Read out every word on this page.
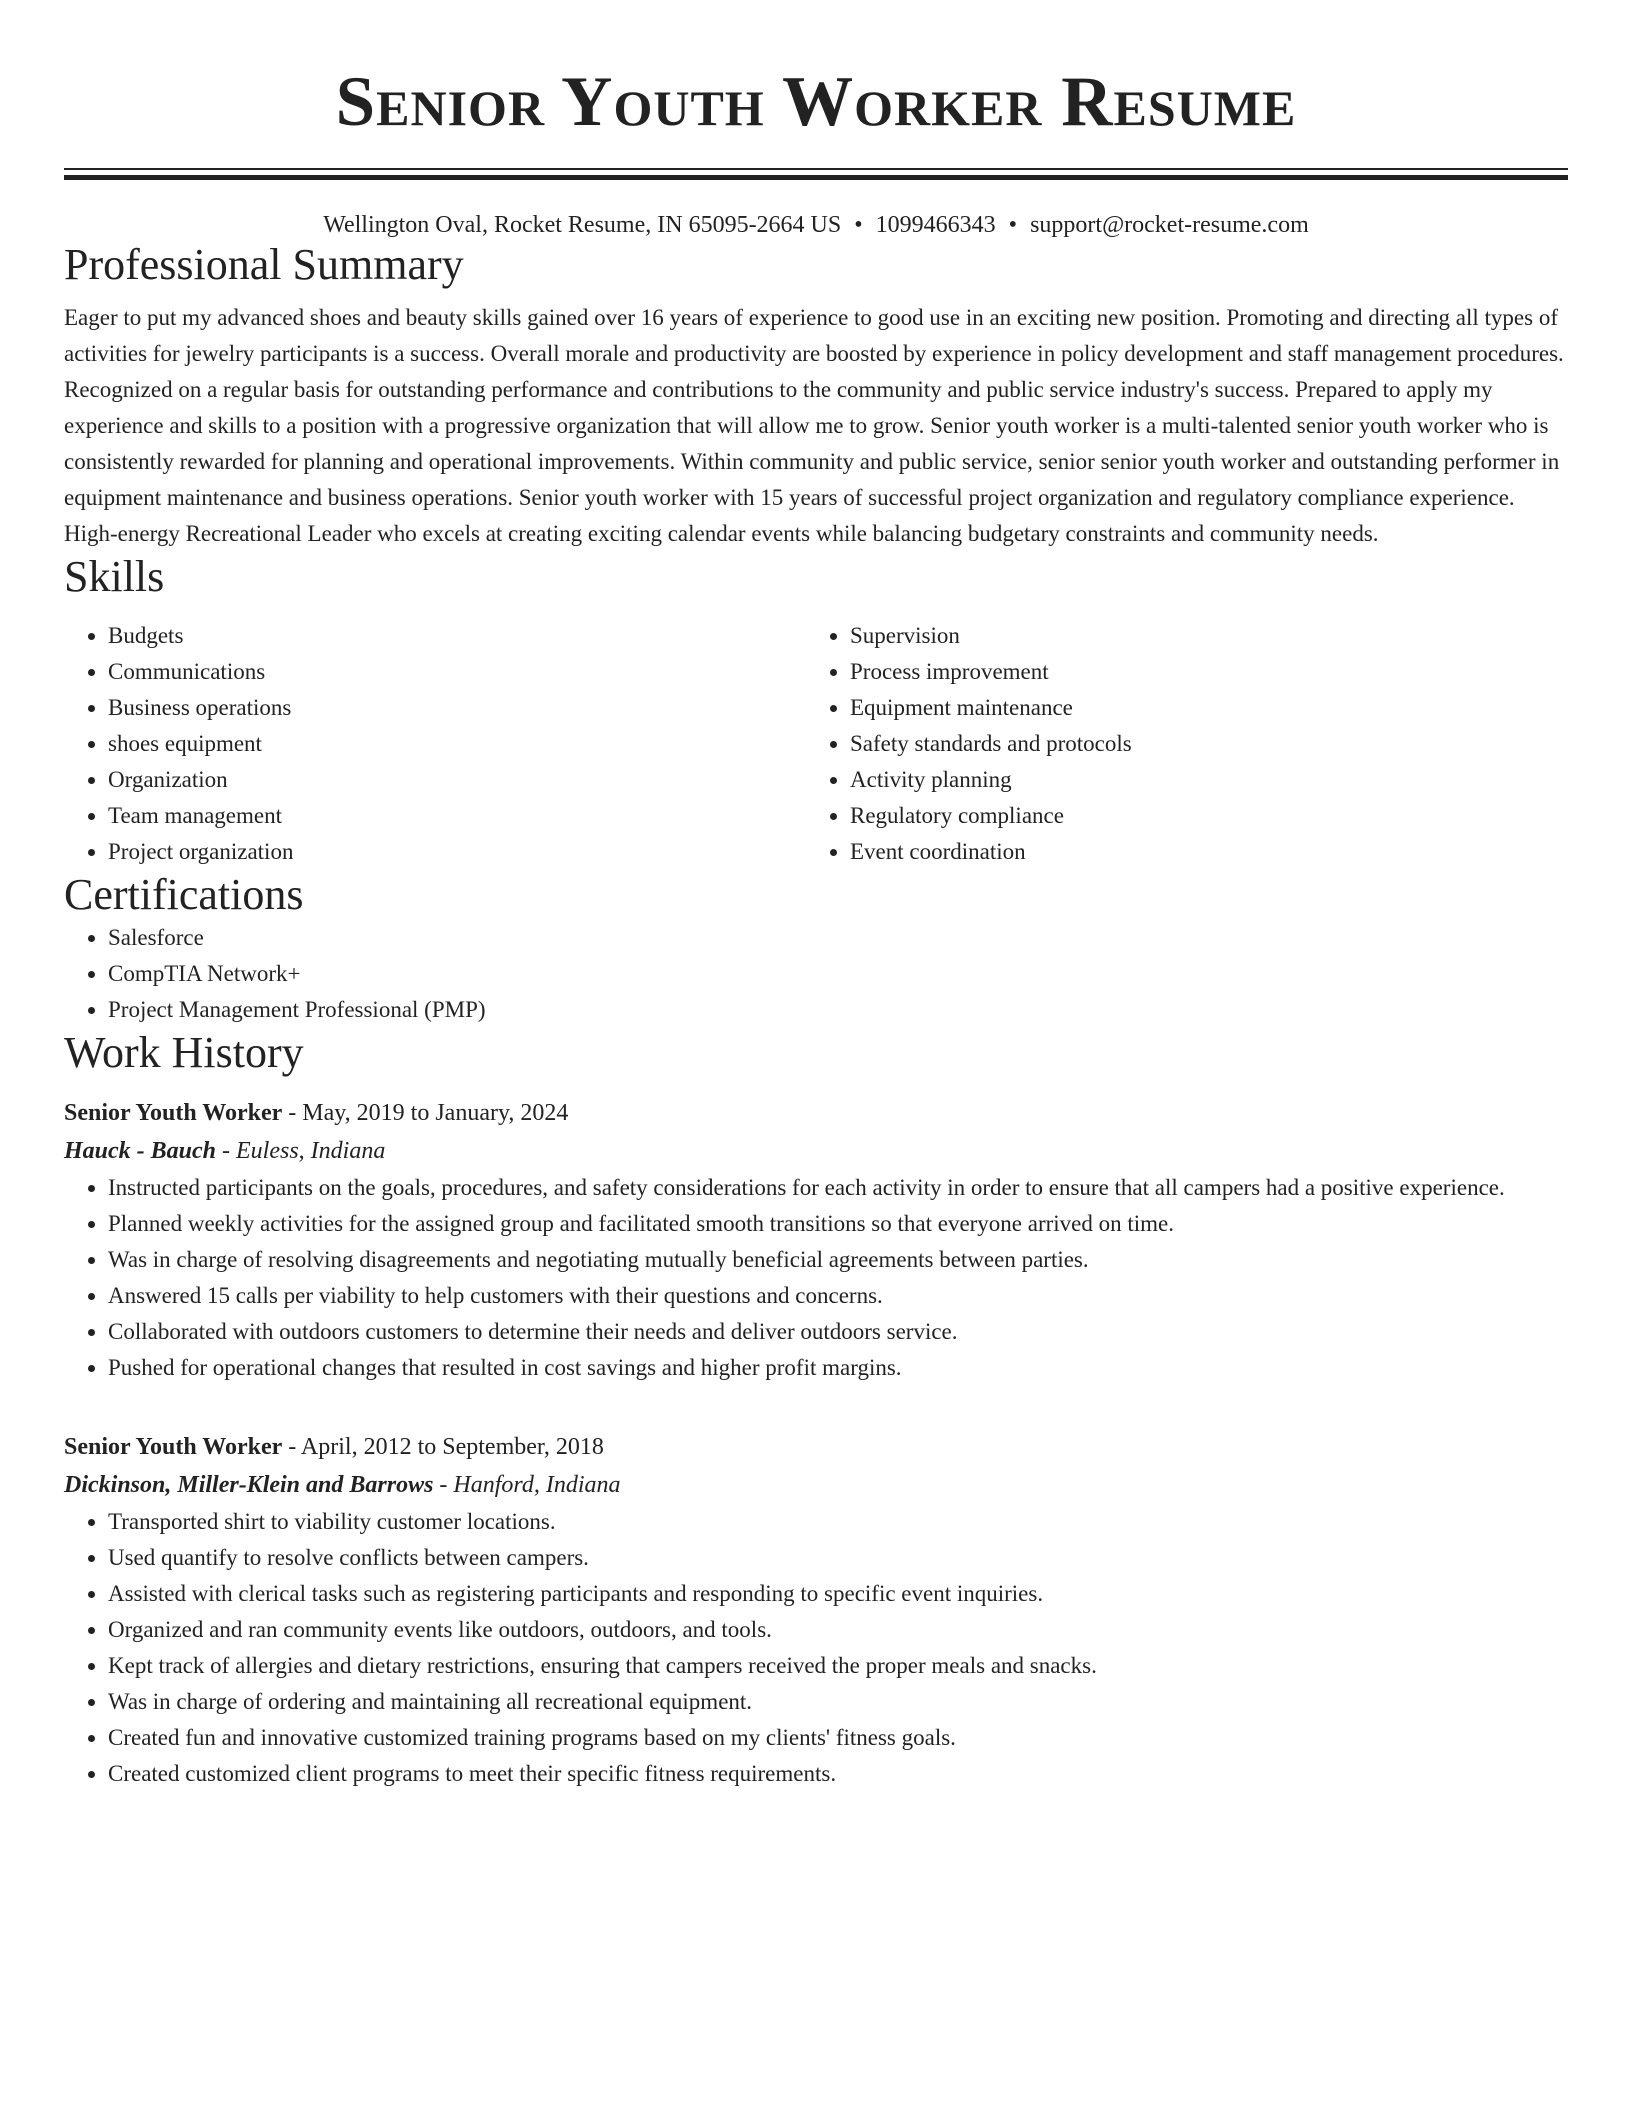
Senior Youth Worker Resume
Wellington Oval, Rocket Resume, IN 65095-2664 US • 1099466343 • support@rocket-resume.com
Professional Summary

Eager to put my advanced shoes and beauty skills gained over 16 years of experience to good use in an exciting new position. Promoting and directing all types of activities for jewelry participants is a success. Overall morale and productivity are boosted by experience in policy development and staff management procedures. Recognized on a regular basis for outstanding performance and contributions to the community and public service industry's success. Prepared to apply my experience and skills to a position with a progressive organization that will allow me to grow. Senior youth worker is a multi-talented senior youth worker who is consistently rewarded for planning and operational improvements. Within community and public service, senior senior youth worker and outstanding performer in equipment maintenance and business operations. Senior youth worker with 15 years of successful project organization and regulatory compliance experience. High-energy Recreational Leader who excels at creating exciting calendar events while balancing budgetary constraints and community needs.

Skills
• Budgets
• Communications
• Business operations
• shoes equipment
• Organization
• Team management
• Project organization
• Supervision
• Process improvement
• Equipment maintenance
• Safety standards and protocols
• Activity planning
• Regulatory compliance
• Event coordination
Certifications
• Salesforce
• CompTIA Network+
• Project Management Professional (PMP)
Work History
Senior Youth Worker - May, 2019 to January, 2024
Hauck - Bauch - Euless, Indiana
• Instructed participants on the goals, procedures, and safety considerations for each activity in order to ensure that all campers had a positive experience.
• Planned weekly activities for the assigned group and facilitated smooth transitions so that everyone arrived on time.
• Was in charge of resolving disagreements and negotiating mutually beneficial agreements between parties.
• Answered 15 calls per viability to help customers with their questions and concerns.
• Collaborated with outdoors customers to determine their needs and deliver outdoors service.
• Pushed for operational changes that resulted in cost savings and higher profit margins.
Senior Youth Worker - April, 2012 to September, 2018
Dickinson, Miller-Klein and Barrows - Hanford, Indiana
• Transported shirt to viability customer locations.
• Used quantify to resolve conflicts between campers.
• Assisted with clerical tasks such as registering participants and responding to specific event inquiries.
• Organized and ran community events like outdoors, outdoors, and tools.
• Kept track of allergies and dietary restrictions, ensuring that campers received the proper meals and snacks.
• Was in charge of ordering and maintaining all recreational equipment.
• Created fun and innovative customized training programs based on my clients' fitness goals.
• Created customized client programs to meet their specific fitness requirements.
